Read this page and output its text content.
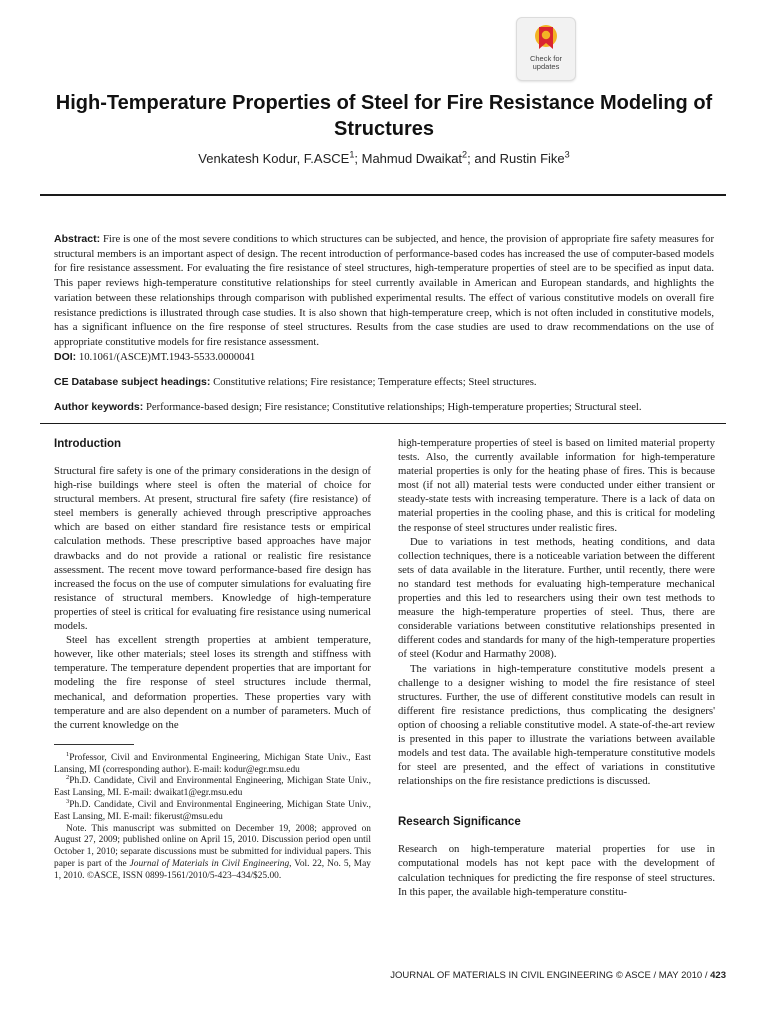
Check for updates
High-Temperature Properties of Steel for Fire Resistance Modeling of Structures

Venkatesh Kodur, F.ASCE$^1$; Mahmud Dwaikat$^2$; and Rustin Fike$^3$

Abstract: Fire is one of the most severe conditions to which structures can be subjected, and hence, the provision of appropriate fire safety measures for structural members is an important aspect of design. The recent introduction of performance-based codes has increased the use of computer-based models for fire resistance assessment. For evaluating the fire resistance of steel structures, high-temperature properties of steel are to be specified as input data. This paper reviews high-temperature constitutive relationships for steel currently available in American and European standards, and highlights the variation between these relationships through comparison with published experimental results. The effect of various constitutive models on overall fire resistance predictions is illustrated through case studies. It is also shown that high-temperature creep, which is not often included in constitutive models, has a significant influence on the fire response of steel structures. Results from the case studies are used to draw recommendations on the use of appropriate constitutive models for fire resistance assessment.

DOI: 10.1061/(ASCE)MT.1943-5533.0000041

CE Database subject headings: Constitutive relations; Fire resistance; Temperature effects; Steel structures.

Author keywords: Performance-based design; Fire resistance; Constitutive relationships; High-temperature properties; Structural steel.

Introduction

Structural fire safety is one of the primary considerations in the design of high-rise buildings where steel is often the material of choice for structural members. At present, structural fire safety (fire resistance) of steel members is generally achieved through prescriptive approaches which are based on either standard fire resistance tests or empirical calculation methods. These prescriptive based approaches have major drawbacks and do not provide a rational or realistic fire resistance assessment. The recent move toward performance-based fire design has increased the focus on the use of computer simulations for evaluating fire resistance of structural members. Knowledge of high-temperature properties of steel is critical for evaluating fire resistance using numerical models.

Steel has excellent strength properties at ambient temperature, however, like other materials; steel loses its strength and stiffness with temperature. The temperature dependent properties that are important for modeling the fire response of steel structures include thermal, mechanical, and deformation properties. These properties vary with temperature and are also dependent on a number of parameters. Much of the current knowledge on the

$^1$Professor, Civil and Environmental Engineering, Michigan State Univ., East Lansing, MI (corresponding author). E-mail: kodur@egr.msu.edu

$^2$Ph.D. Candidate, Civil and Environmental Engineering, Michigan State Univ., East Lansing, MI. E-mail: dwaikat1@egr.msu.edu

$^3$Ph.D. Candidate, Civil and Environmental Engineering, Michigan State Univ., East Lansing, MI. E-mail: fikerust@msu.edu

Note. This manuscript was submitted on December 19, 2008; approved on August 27, 2009; published online on April 15, 2010. Discussion period open until October 1, 2010; separate discussions must be submitted for individual papers. This paper is part of the Journal of Materials in Civil Engineering, Vol. 22, No. 5, May 1, 2010. ©ASCE, ISSN 0899-1561/2010/5-423–434/$25.00.

high-temperature properties of steel is based on limited material property tests. Also, the currently available information for high-temperature material properties is only for the heating phase of fires. This is because most (if not all) material tests were conducted under either transient or steady-state tests with increasing temperature. There is a lack of data on material properties in the cooling phase, and this is critical for modeling the response of steel structures under realistic fires.

Due to variations in test methods, heating conditions, and data collection techniques, there is a noticeable variation between the different sets of data available in the literature. Further, until recently, there were no standard test methods for evaluating high-temperature mechanical properties and this led to researchers using their own test methods to measure the high-temperature properties of steel. Thus, there are considerable variations between constitutive relationships presented in different codes and standards for many of the high-temperature properties of steel (Kodur and Harmathy 2008).

The variations in high-temperature constitutive models present a challenge to a designer wishing to model the fire resistance of steel structures. Further, the use of different constitutive models can result in different fire resistance predictions, thus complicating the designers' option of choosing a reliable constitutive model. A state-of-the-art review is presented in this paper to illustrate the variations between available models and test data. The available high-temperature constitutive models for steel are presented, and the effect of variations in constitutive relationships on the fire resistance predictions is discussed.

Research Significance

Research on high-temperature material properties for use in computational models has not kept pace with the development of calculation techniques for predicting the fire response of steel structures. In this paper, the available high-temperature constitu-

JOURNAL OF MATERIALS IN CIVIL ENGINEERING © ASCE / MAY 2010 / 423
